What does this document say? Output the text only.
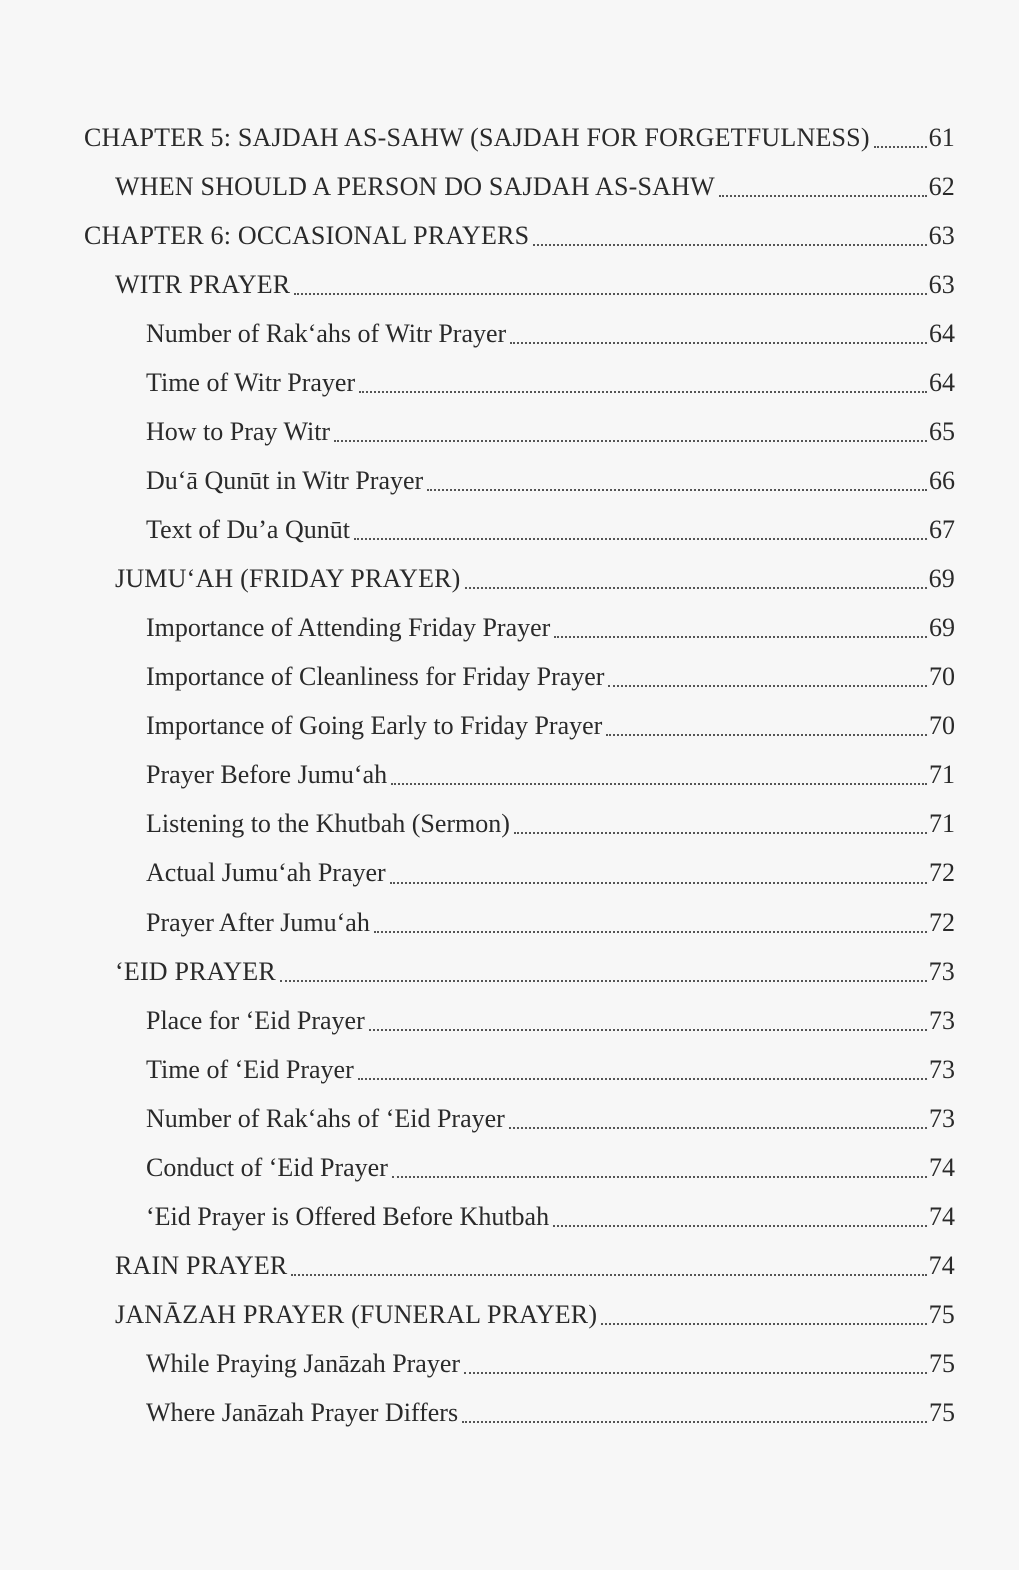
CHAPTER 5: SAJDAH AS-SAHW (SAJDAH FOR FORGETFULNESS) 61
WHEN SHOULD A PERSON DO SAJDAH AS-SAHW	62
CHAPTER 6: OCCASIONAL PRAYERS	63
WITR PRAYER	63
Number of Rak‘ahs of Witr Prayer	64
Time of Witr Prayer	64
How to Pray Witr	65
Du‘ā Qunūt in Witr Prayer	66
Text of Du’a Qunūt	67
JUMU‘AH (FRIDAY PRAYER)	69
Importance of Attending Friday Prayer	69
Importance of Cleanliness for Friday Prayer	70
Importance of Going Early to Friday Prayer	70
Prayer Before Jumu‘ah	71
Listening to the Khutbah (Sermon)	71
Actual Jumu‘ah Prayer	72
Prayer After Jumu‘ah	72
‘EID PRAYER	73
Place for ‘Eid Prayer	73
Time of ‘Eid Prayer	73
Number of Rak‘ahs of ‘Eid Prayer	73
Conduct of ‘Eid Prayer	74
‘Eid Prayer is Offered Before Khutbah	74
RAIN PRAYER	74
JANĀZAH PRAYER (FUNERAL PRAYER)	75
While Praying Janāzah Prayer	75
Where Janāzah Prayer Differs	75
